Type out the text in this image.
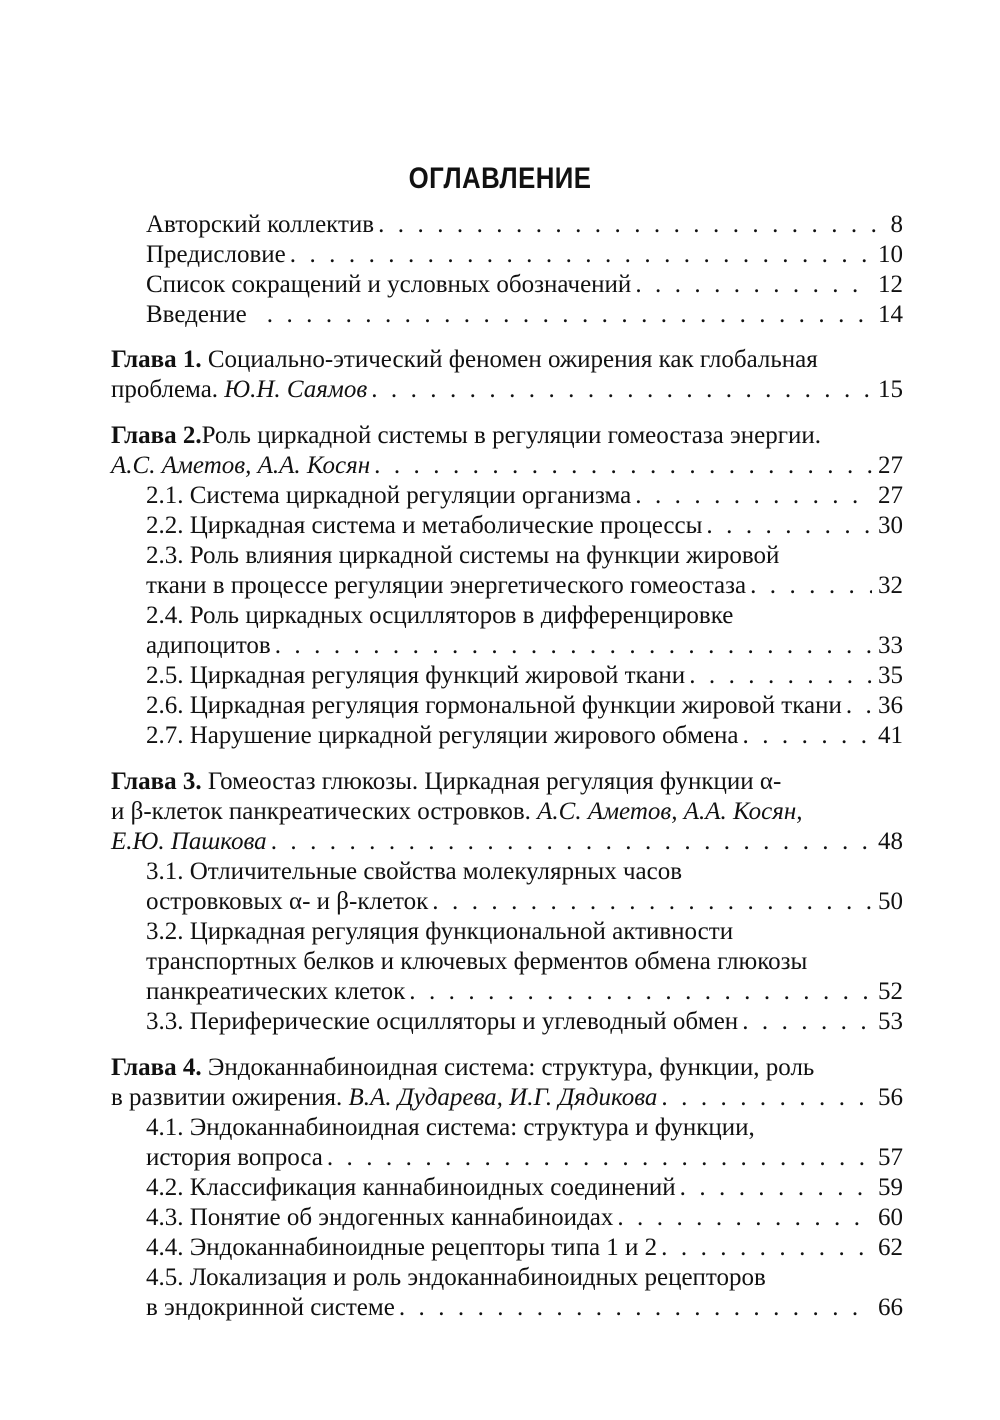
ОГЛАВЛЕНИЕ
Авторский коллектив . . .	8
Предисловие . . .	10
Список сокращений и условных обозначений . . .	12
Введение . . .	14
Глава 1. Социально-этический феномен ожирения как глобальная
проблема. Ю.Н. Саямов . . .	15
Глава 2.Роль циркадной системы в регуляции гомеостаза энергии.
А.С. Аметов, А.А. Косян . . .	27
2.1. Система циркадной регуляции организма . . .	27
2.2. Циркадная система и метаболические процессы . . .	30
2.3. Роль влияния циркадной системы на функции жировой
ткани в процессе регуляции энергетического гомеостаза . . .	32
2.4. Роль циркадных осцилляторов в дифференцировке
адипоцитов . . .	33
2.5. Циркадная регуляция функций жировой ткани . . .	35
2.6. Циркадная регуляция гормональной функции жировой ткани . . . 36
2.7. Нарушение циркадной регуляции жирового обмена . . .	41
Глава 3. Гомеостаз глюкозы. Циркадная регуляция функции α-
и β-клеток панкреатических островков. А.С. Аметов, А.А. Косян,
Е.Ю. Пашкова . . .	48
3.1. Отличительные свойства молекулярных часов
островковых α- и β-клеток . . .	50
3.2. Циркадная регуляция функциональной активности
транспортных белков и ключевых ферментов обмена глюкозы
панкреатических клеток . . .	52
3.3. Периферические осцилляторы и углеводный обмен . . .	53
Глава 4. Эндоканнабиноидная система: структура, функции, роль
в развитии ожирения. В.А. Дударева, И.Г. Дядикова . . .	56
4.1. Эндоканнабиноидная система: структура и функции,
история вопроса . . .	57
4.2. Классификация каннабиноидных соединений . . .	59
4.3. Понятие об эндогенных каннабиноидах . . .	60
4.4. Эндоканнабиноидные рецепторы типа 1 и 2 . . .	62
4.5. Локализация и роль эндоканнабиноидных рецепторов
в эндокринной системе . . .	66
